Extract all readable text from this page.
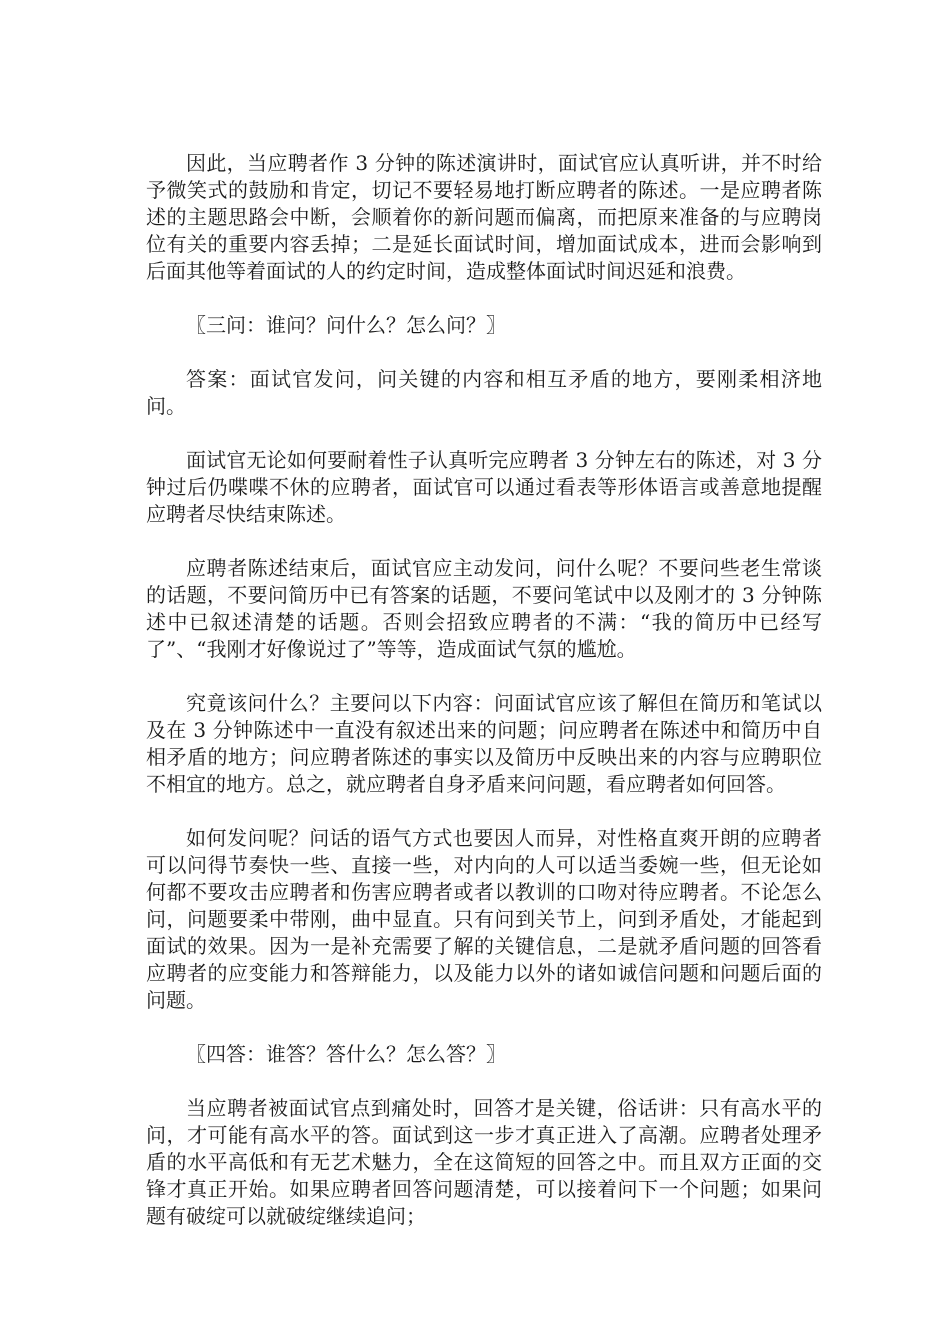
因此，当应聘者作 3 分钟的陈述演讲时，面试官应认真听讲，并不时给予微笑式的鼓励和肯定，切记不要轻易地打断应聘者的陈述。一是应聘者陈述的主题思路会中断，会顺着你的新问题而偏离，而把原来准备的与应聘岗位有关的重要内容丢掉；二是延长面试时间，增加面试成本，进而会影响到后面其他等着面试的人的约定时间，造成整体面试时间迟延和浪费。

〖三问：谁问？问什么？怎么问？〗

答案：面试官发问，问关键的内容和相互矛盾的地方，要刚柔相济地问。

面试官无论如何要耐着性子认真听完应聘者 3 分钟左右的陈述，对 3 分钟过后仍喋喋不休的应聘者，面试官可以通过看表等形体语言或善意地提醒应聘者尽快结束陈述。

应聘者陈述结束后，面试官应主动发问，问什么呢？不要问些老生常谈的话题，不要问简历中已有答案的话题，不要问笔试中以及刚才的 3 分钟陈述中已叙述清楚的话题。否则会招致应聘者的不满：“我的简历中已经写了”、“我刚才好像说过了”等等，造成面试气氛的尴尬。

究竟该问什么？主要问以下内容：问面试官应该了解但在简历和笔试以及在 3 分钟陈述中一直没有叙述出来的问题；问应聘者在陈述中和简历中自相矛盾的地方；问应聘者陈述的事实以及简历中反映出来的内容与应聘职位不相宜的地方。总之，就应聘者自身矛盾来问问题，看应聘者如何回答。

如何发问呢？问话的语气方式也要因人而异，对性格直爽开朗的应聘者可以问得节奏快一些、直接一些，对内向的人可以适当委婉一些，但无论如何都不要攻击应聘者和伤害应聘者或者以教训的口吻对待应聘者。不论怎么问，问题要柔中带刚，曲中显直。只有问到关节上，问到矛盾处，才能起到面试的效果。因为一是补充需要了解的关键信息，二是就矛盾问题的回答看应聘者的应变能力和答辩能力，以及能力以外的诸如诚信问题和问题后面的问题。

〖四答：谁答？答什么？怎么答？〗

当应聘者被面试官点到痛处时，回答才是关键，俗话讲：只有高水平的问，才可能有高水平的答。面试到这一步才真正进入了高潮。应聘者处理矛盾的水平高低和有无艺术魅力，全在这简短的回答之中。而且双方正面的交锋才真正开始。如果应聘者回答问题清楚，可以接着问下一个问题；如果问题有破绽可以就破绽继续追问；
